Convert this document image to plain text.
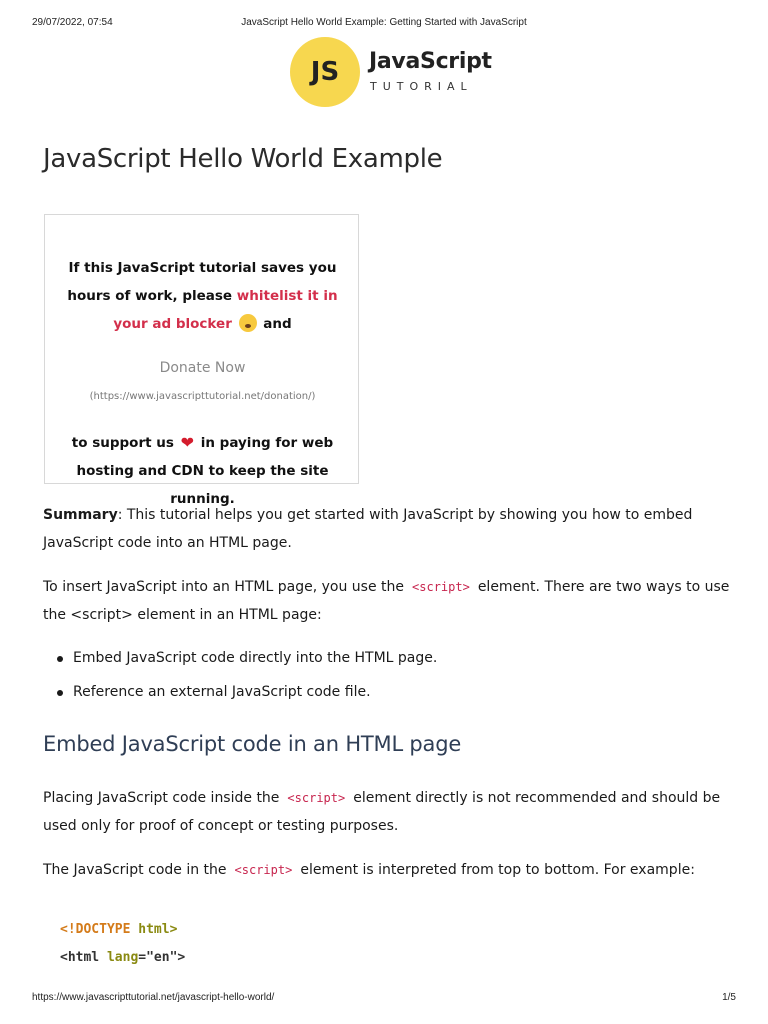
29/07/2022, 07:54	JavaScript Hello World Example: Getting Started with JavaScript
JS	JavaScript
TUTORIAL
JavaScript Hello World Example
If this JavaScript tutorial saves you
hours of work, please whitelist it in
your ad blocker  and
Donate Now
(https://www.javascripttutorial.net/donation/)
to support us ❤ in paying for web
hosting and CDN to keep the site
running.
Summary: This tutorial helps you get started with JavaScript by showing you how to embed JavaScript code into an HTML page.
To insert JavaScript into an HTML page, you use the <script> element. There are two ways to use the <script> element in an HTML page:
Embed JavaScript code directly into the HTML page.
Reference an external JavaScript code file.
Embed JavaScript code in an HTML page
Placing JavaScript code inside the <script> element directly is not recommended and should be used only for proof of concept or testing purposes.
The JavaScript code in the <script> element is interpreted from top to bottom. For example:
<!DOCTYPE html>
<html lang="en">
https://www.javascripttutorial.net/javascript-hello-world/	1/5
